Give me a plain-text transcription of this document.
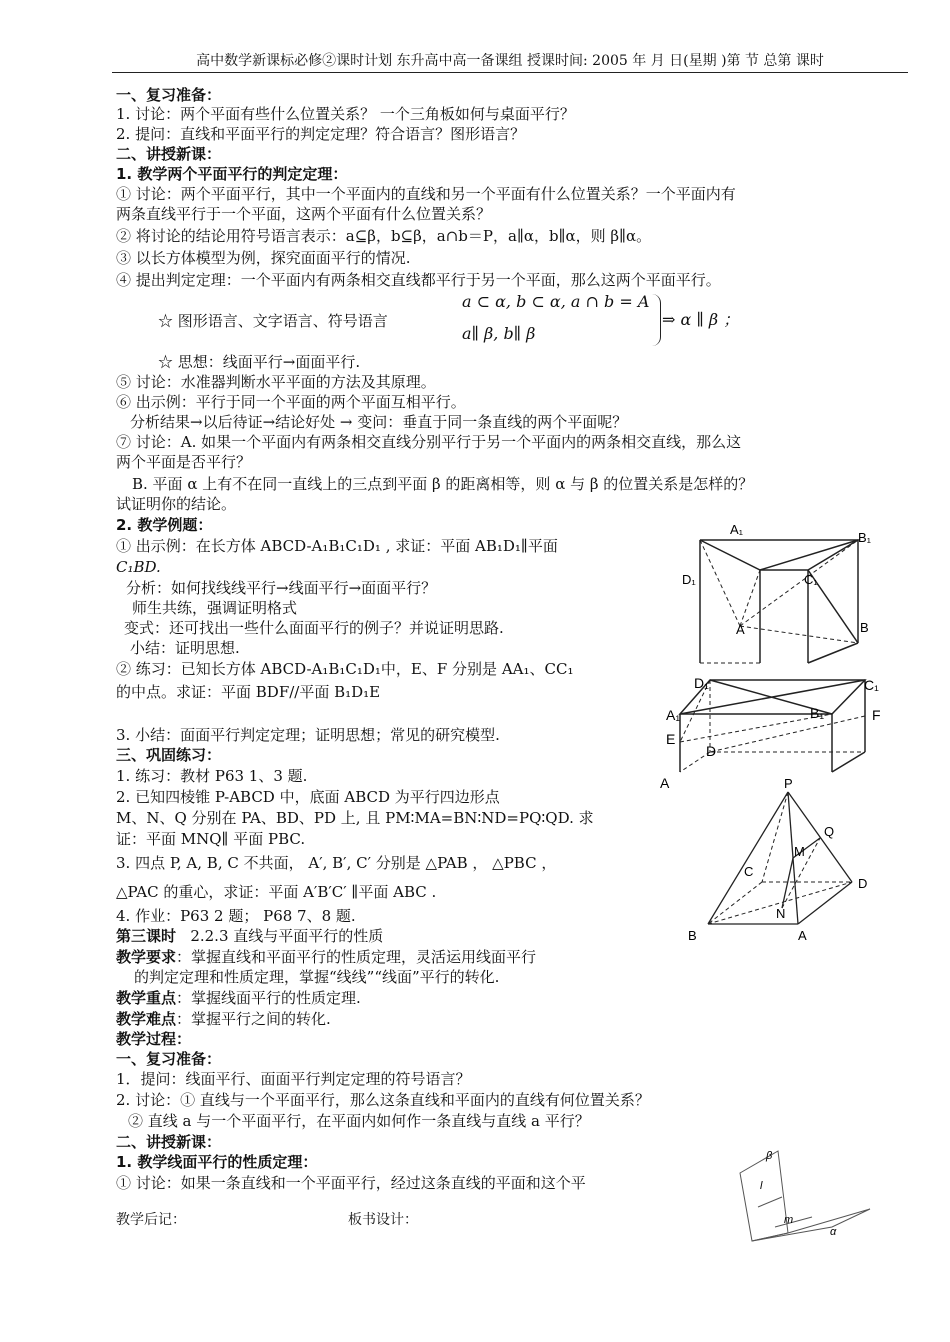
高中数学新课标必修②课时计划 东升高中高一备课组 授课时间: 2005 年 月 日(星期 )第 节 总第 课时
一、复习准备：
1. 讨论：两个平面有些什么位置关系？ 一个三角板如何与桌面平行？
2. 提问：直线和平面平行的判定定理？符合语言？图形语言？
二、讲授新课：
1. 教学两个平面平行的判定定理：
① 讨论：两个平面平行，其中一个平面内的直线和另一个平面有什么位置关系？一个平面内有
两条直线平行于一个平面，这两个平面有什么位置关系？
② 将讨论的结论用符号语言表示：a⊆β，b⊆β，a∩b＝P，a∥α，b∥α，则 β∥α。
③ 以长方体模型为例，探究面面平行的情况.
④ 提出判定定理：一个平面内有两条相交直线都平行于另一个平面，那么这两个平面平行。
☆ 图形语言、文字语言、符号语言
a ⊂ α, b ⊂ α, a ∩ b = A
a∥ β, b∥ β
⇒ α ∥ β ；
☆ 思想：线面平行→面面平行.
⑤ 讨论：水准器判断水平平面的方法及其原理。
⑥ 出示例：平行于同一个平面的两个平面互相平行。
分析结果→以后待证→结论好处 → 变问：垂直于同一条直线的两个平面呢？
⑦ 讨论：A. 如果一个平面内有两条相交直线分别平行于另一个平面内的两条相交直线，那么这
两个平面是否平行？
B. 平面 α 上有不在同一直线上的三点到平面 β 的距离相等，则 α 与 β 的位置关系是怎样的？
试证明你的结论。
2. 教学例题：
① 出示例：在长方体 ABCD-A₁B₁C₁D₁ , 求证：平面 AB₁D₁∥平面
C₁BD.
分析：如何找线线平行→线面平行→面面平行？
师生共练，强调证明格式
变式：还可找出一些什么面面平行的例子？并说证明思路.
小结：证明思想.
② 练习：已知长方体 ABCD-A₁B₁C₁D₁中，E、F 分别是 AA₁、CC₁
的中点。求证：平面 BDF//平面 B₁D₁E
3. 小结：面面平行判定定理；证明思想；常见的研究模型.
三、巩固练习：
1. 练习：教材 P63 1、3 题.
2. 已知四棱锥 P-ABCD 中，底面 ABCD 为平行四边形点
M、N、Q 分别在 PA、BD、PD 上, 且 PM∶MA=BN∶ND=PQ∶QD. 求
证：平面 MNQ∥ 平面 PBC.
3. 四点 P, A, B, C 不共面， A′, B′, C′ 分别是 △PAB ， △PBC ，
△PAC 的重心，求证：平面 A′B′C′ ∥平面 ABC .
4. 作业：P63 2 题； P68 7、8 题.
第三课时 2.2.3 直线与平面平行的性质
教学要求：掌握直线和平面平行的性质定理，灵活运用线面平行
的判定定理和性质定理，掌握“线线”“线面”平行的转化.
教学重点：掌握线面平行的性质定理.
教学难点：掌握平行之间的转化.
教学过程：
一、复习准备：
1．提问：线面平行、面面平行判定定理的符号语言？
2. 讨论：① 直线与一个平面平行，那么这条直线和平面内的直线有何位置关系？
② 直线 a 与一个平面平行，在平面内如何作一条直线与直线 a 平行？
二、讲授新课：
1. 教学线面平行的性质定理：
① 讨论：如果一条直线和一个平面平行，经过这条直线的平面和这个平
教学后记：	板书设计：
A₁
B₁
D₁	C₁
A	B
D₁	C₁
A₁	B₁	F
E
D
A	P
Q
M
C
D
N
B	A
β
l
m
α
